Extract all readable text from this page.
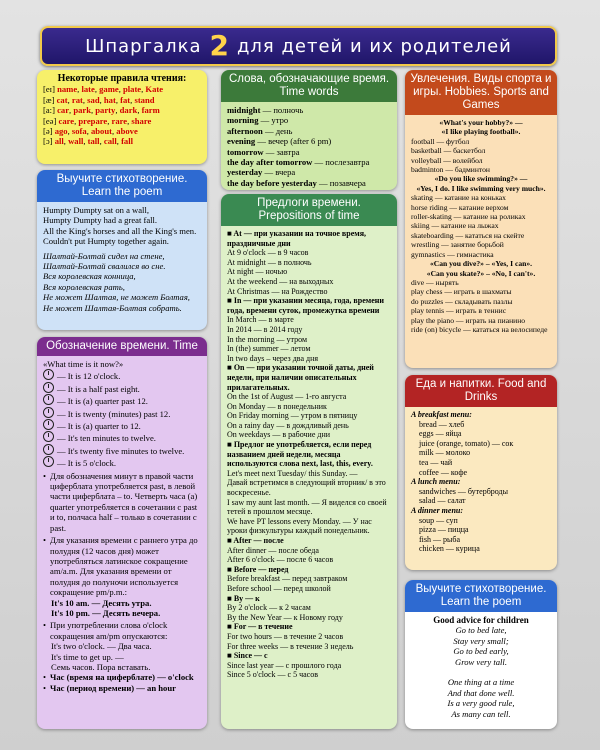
Шпаргалка 2 для детей и их родителей
Некоторые правила чтения:
[eɪ] name, late, game, plate, Kate
[æ] cat, rat, sad, hat, fat, stand
[a:] car, park, party, dark, farm
[eə] care, prepare, rare, share
[ə] ago, sofa, about, above
[ɔ] all, wall, tall, call, fall
Выучите стихотворение. Learn the poem
Humpty Dumpty sat on a wall,
Humpty Dumpty had a great fall.
All the King's horses and all the King's men.
Couldn't put Humpty together again.
Шалтай-Болтай сидел на стене,
Шалтай-Болтай свалился во сне.
Вся королевская конница,
Вся королевская рать,
Не может Шалтая, не может Болтая,
Не может Шалтая-Болтая собрать.
Обозначение времени. Time
«What time is it now?»
— It is 12 o'clock.
— It is a half past eight.
— It is (a) quarter past 12.
— It is twenty (minutes) past 12.
— It is (a) quarter to 12.
— It's ten minutes to twelve.
— It's twenty five minutes to twelve.
— It is 5 o'clock.
• Для обозначения минут в правой части циферблата употребляется past, в левой части циферблата – to. Четверть часа (a) quarter употребляется в сочетании с past и to, полчаса half – только в сочетании с past.
• Для указания времени с раннего утра до полудня (12 часов дня) может употребляться латинское сокращение am/a.m. Для указания времени от полудня до полуночи используется сокращение pm/p.m.:
It's 10 am. — Десять утра.
It's 10 pm. — Десять вечера.
• При употреблении слова o'clock сокращения am/pm опускаются:
It's two o'clock. — Два часа.
It's time to get up. —
Семь часов. Пора вставать.
• Час (время на циферблате) — o'clock
• Час (период времени) — an hour
Слова, обозначающие время. Time words
midnight — полночь
morning — утро
afternoon — день
evening — вечер (after 6 pm)
tomorrow — завтра
the day after tomorrow — послезавтра
yesterday — вчера
the day before yesterday — позавчера
Предлоги времени. Prepositions of time
■ At — при указании на точное время, праздничные дни
At 9 o'clock — в 9 часов
At midnight — в полночь
At night — ночью
At the weekend — на выходных
At Christmas — на Рождество
■ In — при указании месяца, года, времени года, времени суток, промежутка времени
In March — в марте
In 2014 — в 2014 году
In the morning — утром
In (the) summer — летом
In two days – через два дня
■ On — при указании точной даты, дней недели, при наличии описательных прилагательных.
On the 1st of August — 1-го августа
On Monday — в понедельник
On Friday morning — утром в пятницу
On a rainy day — в дождливый день
On weekdays — в рабочие дни
■ Предлог не употребляется, если перед названием дней недели, месяца используются слова next, last, this, every.
Let's meet next Tuesday/ this Sunday. —
Давай встретимся в следующий вторник/ в это воскресенье.
I saw my aunt last month. — Я виделся со своей тетей в прошлом месяце.
We have PT lessons every Monday. — У нас уроки физкультуры каждый понедельник.
■ After — после
After dinner — после обеда
After 6 o'clock — после 6 часов
■ Before — перед
Before breakfast — перед завтраком
Before school — перед школой
■ By — к
By 2 o'clock — к 2 часам
By the New Year — к Новому году
■ For — в течение
For two hours — в течение 2 часов
For three weeks — в течение 3 недель
■ Since — с
Since last year — с прошлого года
Since 5 o'clock — с 5 часов
Увлечения. Виды спорта и игры. Hobbies. Sports and Games
«What's your hobby?» —
«I like playing football».
football — футбол
basketball — баскетбол
volleyball — волейбол
badminton — бадминтон
«Do you like swimming?» —
«Yes, I do. I like swimming very much».
skating — катание на коньках
horse riding — катание верхом
roller-skating — катание на роликах
skiing — катание на лыжах
skateboarding — кататься на скейте
wrestling — занятие борьбой
gymnastics — гимнастика
«Can you dive?» – «Yes, I can».
«Can you skate?» – «No, I can't».
dive — нырять
play chess — играть в шахматы
do puzzles — складывать пазлы
play tennis — играть в теннис
play the piano — играть на пианино
ride (on) bicycle — кататься на велосипеде
Еда и напитки. Food and Drinks
A breakfast menu:
bread — хлеб
eggs — яйца
juice (orange, tomato) — сок
milk — молоко
tea — чай
coffee — кофе
A lunch menu:
sandwiches — бутерброды
salad — салат
A dinner menu:
soup — суп
pizza — пицца
fish — рыба
chicken — курица
Выучите стихотворение. Learn the poem
Good advice for children
Go to bed late,
Stay very small;
Go to bed early,
Grow very tall.

One thing at a time
And that done well.
Is a very good rule,
As many can tell.
